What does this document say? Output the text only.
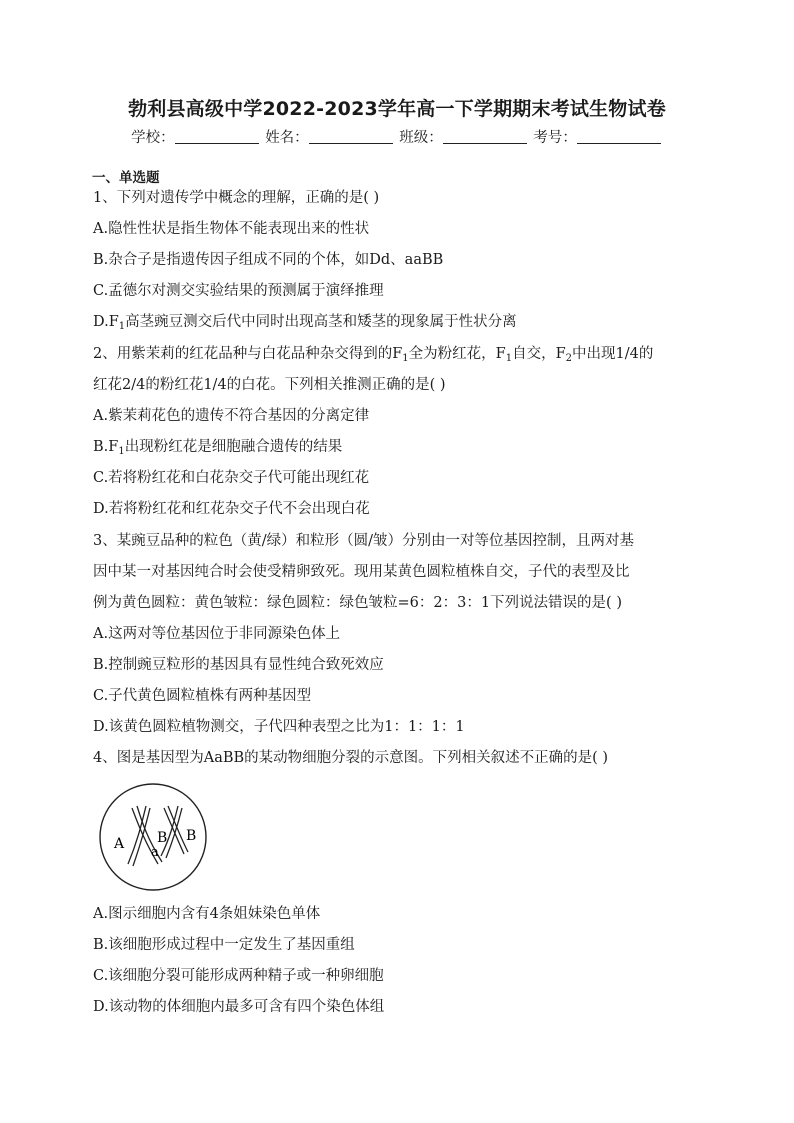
勃利县高级中学2022-2023学年高一下学期期末考试生物试卷
学校：	姓名：	班级：	考号：
一、单选题
1、下列对遗传学中概念的理解，正确的是( )
A.隐性性状是指生物体不能表现出来的性状
B.杂合子是指遗传因子组成不同的个体，如Dd、aaBB
C.孟德尔对测交实验结果的预测属于演绎推理
$D.F_1$高茎豌豆测交后代中同时出现高茎和矮茎的现象属于性状分离
2、用紫茉莉的红花品种与白花品种杂交得到的$F_1$全为粉红花，$F_1$自交，$F_2$中出现1/4的
红花2/4的粉红花1/4的白花。下列相关推测正确的是( )
A.紫茉莉花色的遗传不符合基因的分离定律
$B.F_1$出现粉红花是细胞融合遗传的结果
C.若将粉红花和白花杂交子代可能出现红花
D.若将粉红花和红花杂交子代不会出现白花
3、某豌豆品种的粒色（黄/绿）和粒形（圆/皱）分别由一对等位基因控制，且两对基
因中某一对基因纯合时会使受精卵致死。现用某黄色圆粒植株自交，子代的表型及比
例为黄色圆粒：黄色皱粒：绿色圆粒：绿色皱粒=6：2：3：1下列说法错误的是( )
A.这两对等位基因位于非同源染色体上
B.控制豌豆粒形的基因具有显性纯合致死效应
C.子代黄色圆粒植株有两种基因型
D.该黄色圆粒植物测交，子代四种表型之比为1：1：1：1
4、图是基因型为AaBB的某动物细胞分裂的示意图。下列相关叙述不正确的是( )
A
a
B B
A.图示细胞内含有4条姐妹染色单体
B.该细胞形成过程中一定发生了基因重组
C.该细胞分裂可能形成两种精子或一种卵细胞
D.该动物的体细胞内最多可含有四个染色体组
